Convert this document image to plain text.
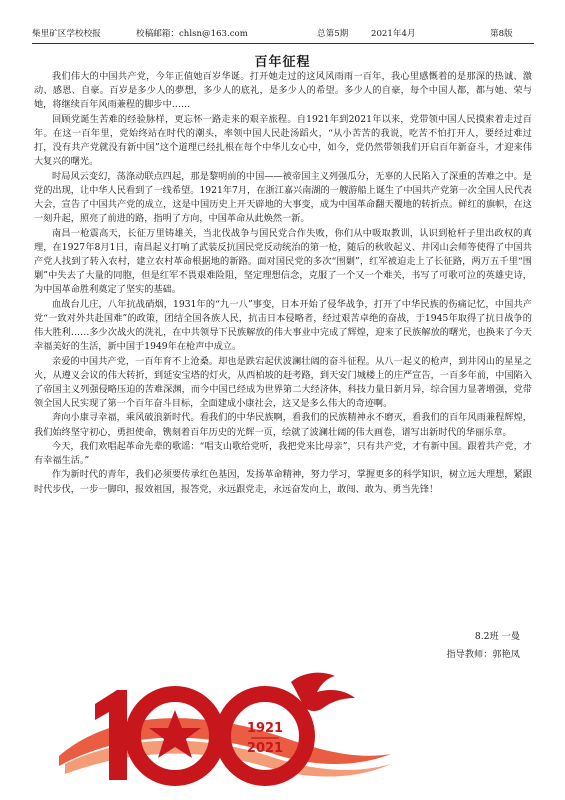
柴里矿区学校校报	校稿邮箱：chlsn@163.com	总第5期	2021年4月	第8版
百年征程

我们伟大的中国共产党，今年正值她百岁华诞。打开她走过的这风风雨雨一百年，我心里感慨着的是那深的热诚、激动、感恩、自豪。百岁是多少人的夢想，多少人的底礼，是多少人的希望。多少人的自豪，每个中国人都，都与她、荣与她，将继续百年风雨兼程的脚步中……

回顾党诞生苦难的经验脉样，更忘怀一路走来的艰辛旅程。自1921年到2021年以来，党带领中国人民摸索着走过百年。在这一百年里，党始终站在时代的潮头，率领中国人民赴汤蹈火，“从小苦苦的我说，吃苦不怕打开人，要经过难过打，没有共产党就没有新中国”这个道理已经扎根在每个中华儿女心中，如今，党仍然带领我们开启百年新奋斗，才迎来伟大复兴的曙光。

时局风云变幻，荡涤动联点四起，那是黎明前的中国——被帝国主义列强瓜分，无辜的人民陷入了深重的苦难之中。是党的出现，让中华人民看到了一线希望。1921年7月，在浙江嘉兴南湖的一艘游船上诞生了中国共产党第一次全国人民代表大会，宣告了中国共产党的成立，这是中国历史上开天辟地的大事变，成为中国革命翻天覆地的转折点。鲜红的旗帜，在这一刻升起，照亮了前进的路，指明了方向，中国革命从此焕然一新。

南昌一枪震高天，长征万里铸雄关，当北伐战争与国民党合作失败，你们从中吸取教训，认识到枪杆子里出政权的真理，在1927年8月1日，南昌起义打响了武装反抗国民党反动统治的第一枪，随后的秋收起义、井冈山会师等使得了中国共产党人找到了转入农村，建立农村革命根据地的新路。面对国民党的多次“围剿”，红军被迫走上了长征路，两万五千里“围剿”中失去了大量的同胞，但是红军不畏艰难险阻，坚定理想信念，克服了一个又一个难关，书写了可歌可泣的英雄史诗，为中国革命胜利奠定了坚实的基础。

血战台儿庄，八年抗战硝烟，1931年的“九一八”事变，日本开始了侵华战争，打开了中华民族的伤痛记忆，中国共产党“一致对外共赴国难”的政策，团结全国各族人民，抗击日本侵略者，经过艰苦卓绝的奋战，于1945年取得了抗日战争的伟大胜利……多少次战火的洗礼，在中共领导下民族解放的伟大事业中完成了辉煌，迎来了民族解放的曙光，也换来了今天幸福美好的生活，新中国于1949年在枪声中成立。

亲爱的中国共产党，一百年育不上沧桑。却也是跌宕起伏波澜壮阔的奋斗征程。从八一起义的枪声，到井冈山的星星之火，从遵义会议的伟大转折，到延安宝塔的灯火，从西柏坡的赶考路，到天安门城楼上的庄严宣告，一百多年前，中国陷入了帝国主义列强侵略压迫的苦难深渊，而今中国已经成为世界第二大经济体，科技力量日新月异，综合国力显著增强，党带领全国人民实现了第一个百年奋斗目标，全面建成小康社会，这又是多么伟大的奇迹啊。

奔向小康寻幸福，乘风破浪新时代。看我们的中华民族啊，看我们的民族精神永不磨灭，看我们的百年风雨兼程辉煌，我们始终坚守初心，勇担使命，镌刻着百年历史的光辉一页，绘就了波澜壮阔的伟大画卷，谱写出新时代的华丽乐章。

今天，我们欢唱起革命先辈的歌谣：“唱支山歌给党听，我把党来比母亲”，只有共产党，才有新中国。跟着共产党，才有幸福生活。”

作为新时代的青年，我们必须要传承红色基因，发扬革命精神，努力学习，掌握更多的科学知识，树立远大理想，紧跟时代步伐，一步一脚印，报效祖国，报答党，永远跟党走，永远奋发向上，敢闯、敢为、勇当先锋！

8.2班 一曼
指导教师：郭艳凤
1921
2021
